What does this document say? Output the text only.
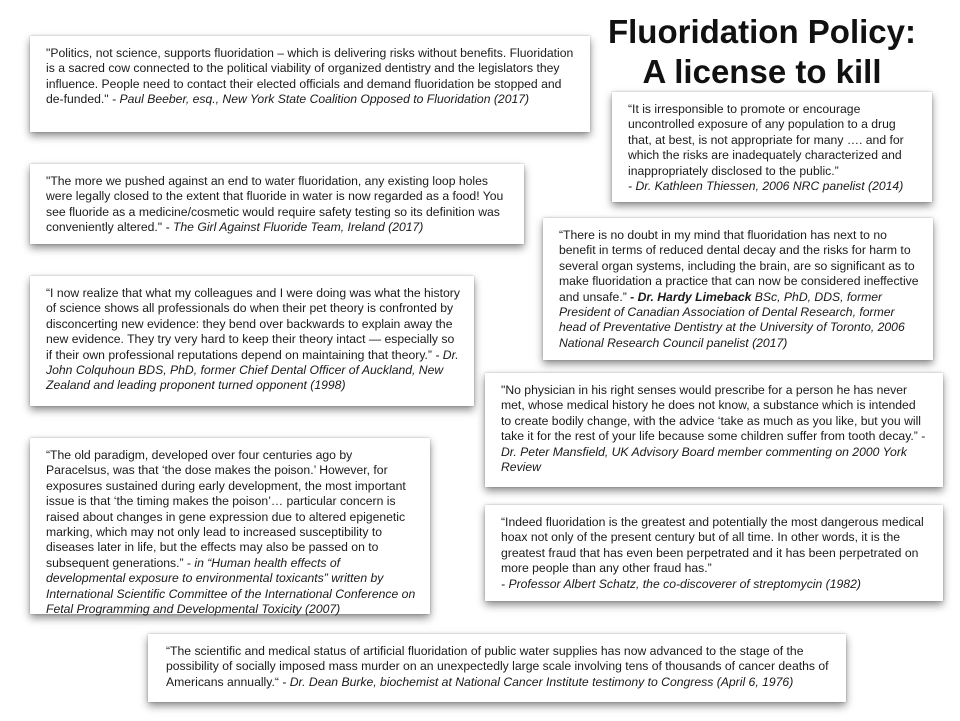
Fluoridation Policy:
A license to kill
"Politics, not science, supports fluoridation – which is delivering risks without benefits. Fluoridation is a sacred cow connected to the political viability of organized dentistry and the legislators they influence. People need to contact their elected officials and demand fluoridation be stopped and de-funded." - Paul Beeber, esq., New York State Coalition Opposed to Fluoridation (2017)
"The more we pushed against an end to water fluoridation, any existing loop holes were legally closed to the extent that fluoride in water is now regarded as a food! You see fluoride as a medicine/cosmetic would require safety testing so its definition was conveniently altered." - The Girl Against Fluoride Team, Ireland (2017)
“I now realize that what my colleagues and I were doing was what the history of science shows all professionals do when their pet theory is confronted by disconcerting new evidence: they bend over backwards to explain away the new evidence. They try very hard to keep their theory intact — especially so if their own professional reputations depend on maintaining that theory.” - Dr. John Colquhoun BDS, PhD, former Chief Dental Officer of Auckland, New Zealand and leading proponent turned opponent (1998)
“The old paradigm, developed over four centuries ago by Paracelsus, was that ‘the dose makes the poison.’ However, for exposures sustained during early development, the most important issue is that ‘the timing makes the poison’… particular concern is raised about changes in gene expression due to altered epigenetic marking, which may not only lead to increased susceptibility to diseases later in life, but the effects may also be passed on to subsequent generations.” - in “Human health effects of developmental exposure to environmental toxicants” written by International Scientific Committee of the International Conference on Fetal Programming and Developmental Toxicity (2007)
“It is irresponsible to promote or encourage uncontrolled exposure of any population to a drug that, at best, is not appropriate for many …. and for which the risks are inadequately characterized and inappropriately disclosed to the public.”
- Dr. Kathleen Thiessen, 2006 NRC panelist (2014)
“There is no doubt in my mind that fluoridation has next to no benefit in terms of reduced dental decay and the risks for harm to several organ systems, including the brain, are so significant as to make fluoridation a practice that can now be considered ineffective and unsafe.” - Dr. Hardy Limeback BSc, PhD, DDS, former President of Canadian Association of Dental Research, former head of Preventative Dentistry at the University of Toronto, 2006 National Research Council panelist (2017)
"No physician in his right senses would prescribe for a person he has never met, whose medical history he does not know, a substance which is intended to create bodily change, with the advice ‘take as much as you like, but you will take it for the rest of your life because some children suffer from tooth decay.” - Dr. Peter Mansfield, UK Advisory Board member commenting on 2000 York Review
“Indeed fluoridation is the greatest and potentially the most dangerous medical hoax not only of the present century but of all time. In other words, it is the greatest fraud that has even been perpetrated and it has been perpetrated on more people than any other fraud has.”
- Professor Albert Schatz, the co-discoverer of streptomycin (1982)
“The scientific and medical status of artificial fluoridation of public water supplies has now advanced to the stage of the possibility of socially imposed mass murder on an unexpectedly large scale involving tens of thousands of cancer deaths of Americans annually.“ - Dr. Dean Burke, biochemist at National Cancer Institute testimony to Congress (April 6, 1976)
